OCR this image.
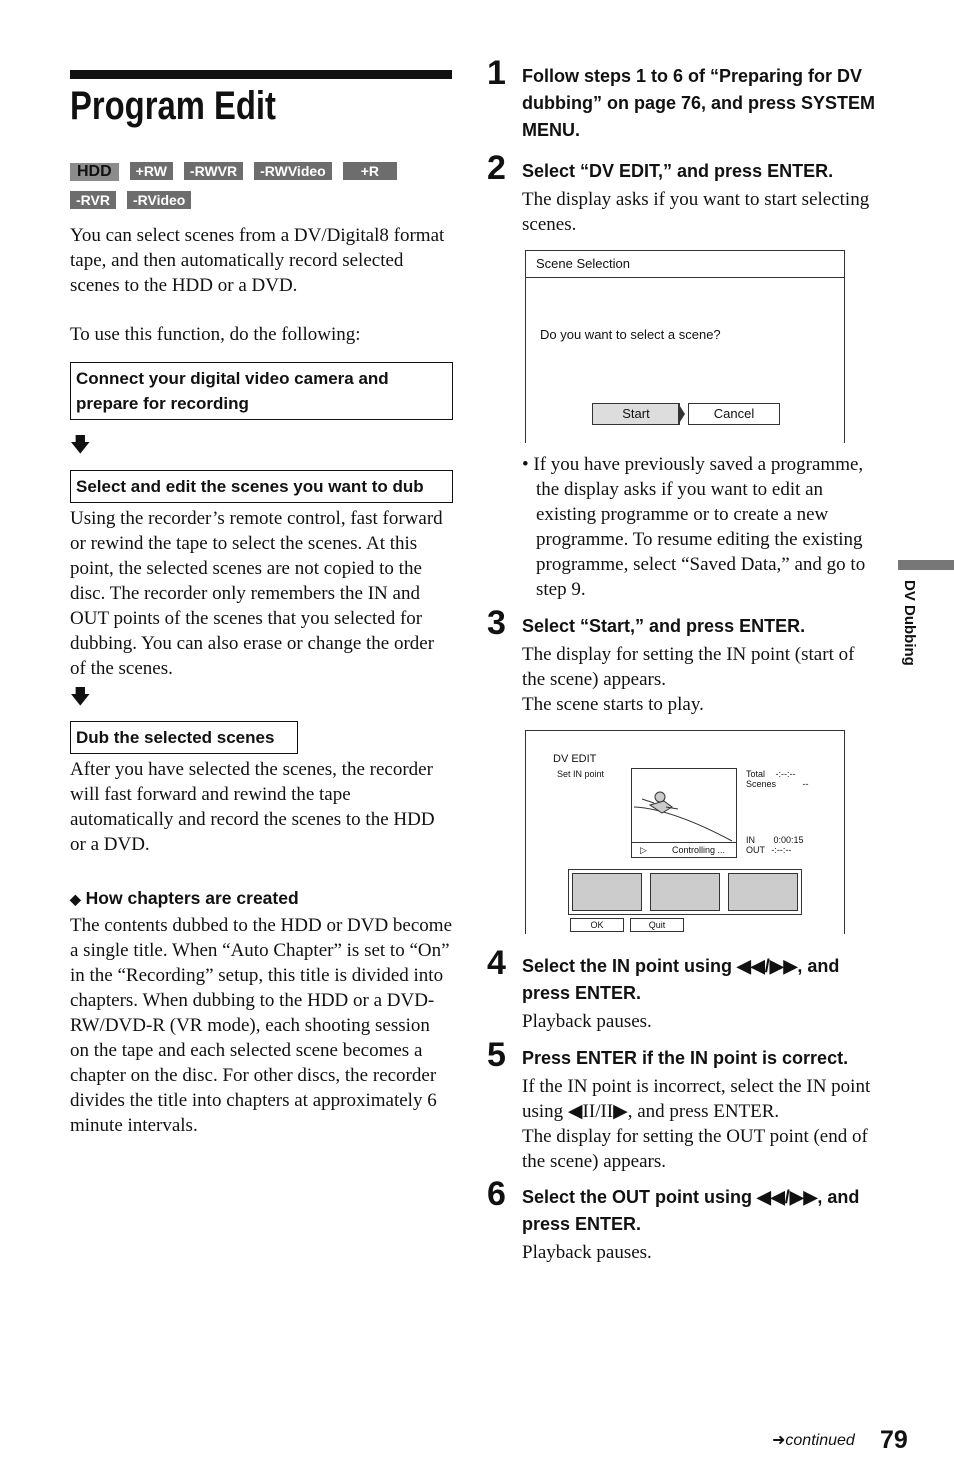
Program Edit
HDD +RW -RWVR -RWVideo	+R
-RVR -RVideo
You can select scenes from a DV/Digital8 format tape, and then automatically record selected scenes to the HDD or a DVD.
To use this function, do the following:
Connect your digital video camera and prepare for recording
🡇
Select and edit the scenes you want to dub
Using the recorder’s remote control, fast forward or rewind the tape to select the scenes. At this point, the selected scenes are not copied to the disc. The recorder only remembers the IN and OUT points of the scenes that you selected for dubbing. You can also erase or change the order of the scenes.
🡇
Dub the selected scenes
After you have selected the scenes, the recorder will fast forward and rewind the tape automatically and record the scenes to the HDD or a DVD.
◆ How chapters are created
The contents dubbed to the HDD or DVD become a single title. When “Auto Chapter” is set to “On” in the “Recording” setup, this title is divided into chapters. When dubbing to the HDD or a DVD-RW/DVD-R (VR mode), each shooting session on the tape and each selected scene becomes a chapter on the disc. For other discs, the recorder divides the title into chapters at approximately 6 minute intervals.
1 Follow steps 1 to 6 of “Preparing for DV dubbing” on page 76, and press SYSTEM MENU.
2 Select “DV EDIT,” and press ENTER.
The display asks if you want to start selecting scenes.
Scene Selection
Do you want to select a scene?
Start	Cancel
• If you have previously saved a programme, the display asks if you want to edit an existing programme or to create a new programme. To resume editing the existing programme, select “Saved Data,” and go to step 9.
3 Select “Start,” and press ENTER.
The display for setting the IN point (start of the scene) appears.
The scene starts to play.
DV EDIT
Set IN point
▷	Controlling ...
Total -:--:--
Scenes	--
IN 0:00:15
OUT -:--:--
OK	Quit
4 Select the IN point using ◀◀/▶▶, and press ENTER.
Playback pauses.
5 Press ENTER if the IN point is correct.
If the IN point is incorrect, select the IN point using ◀II/II▶, and press ENTER.
The display for setting the OUT point (end of the scene) appears.
6 Select the OUT point using ◀◀/▶▶, and press ENTER.
Playback pauses.
DV Dubbing
➜continued 79
